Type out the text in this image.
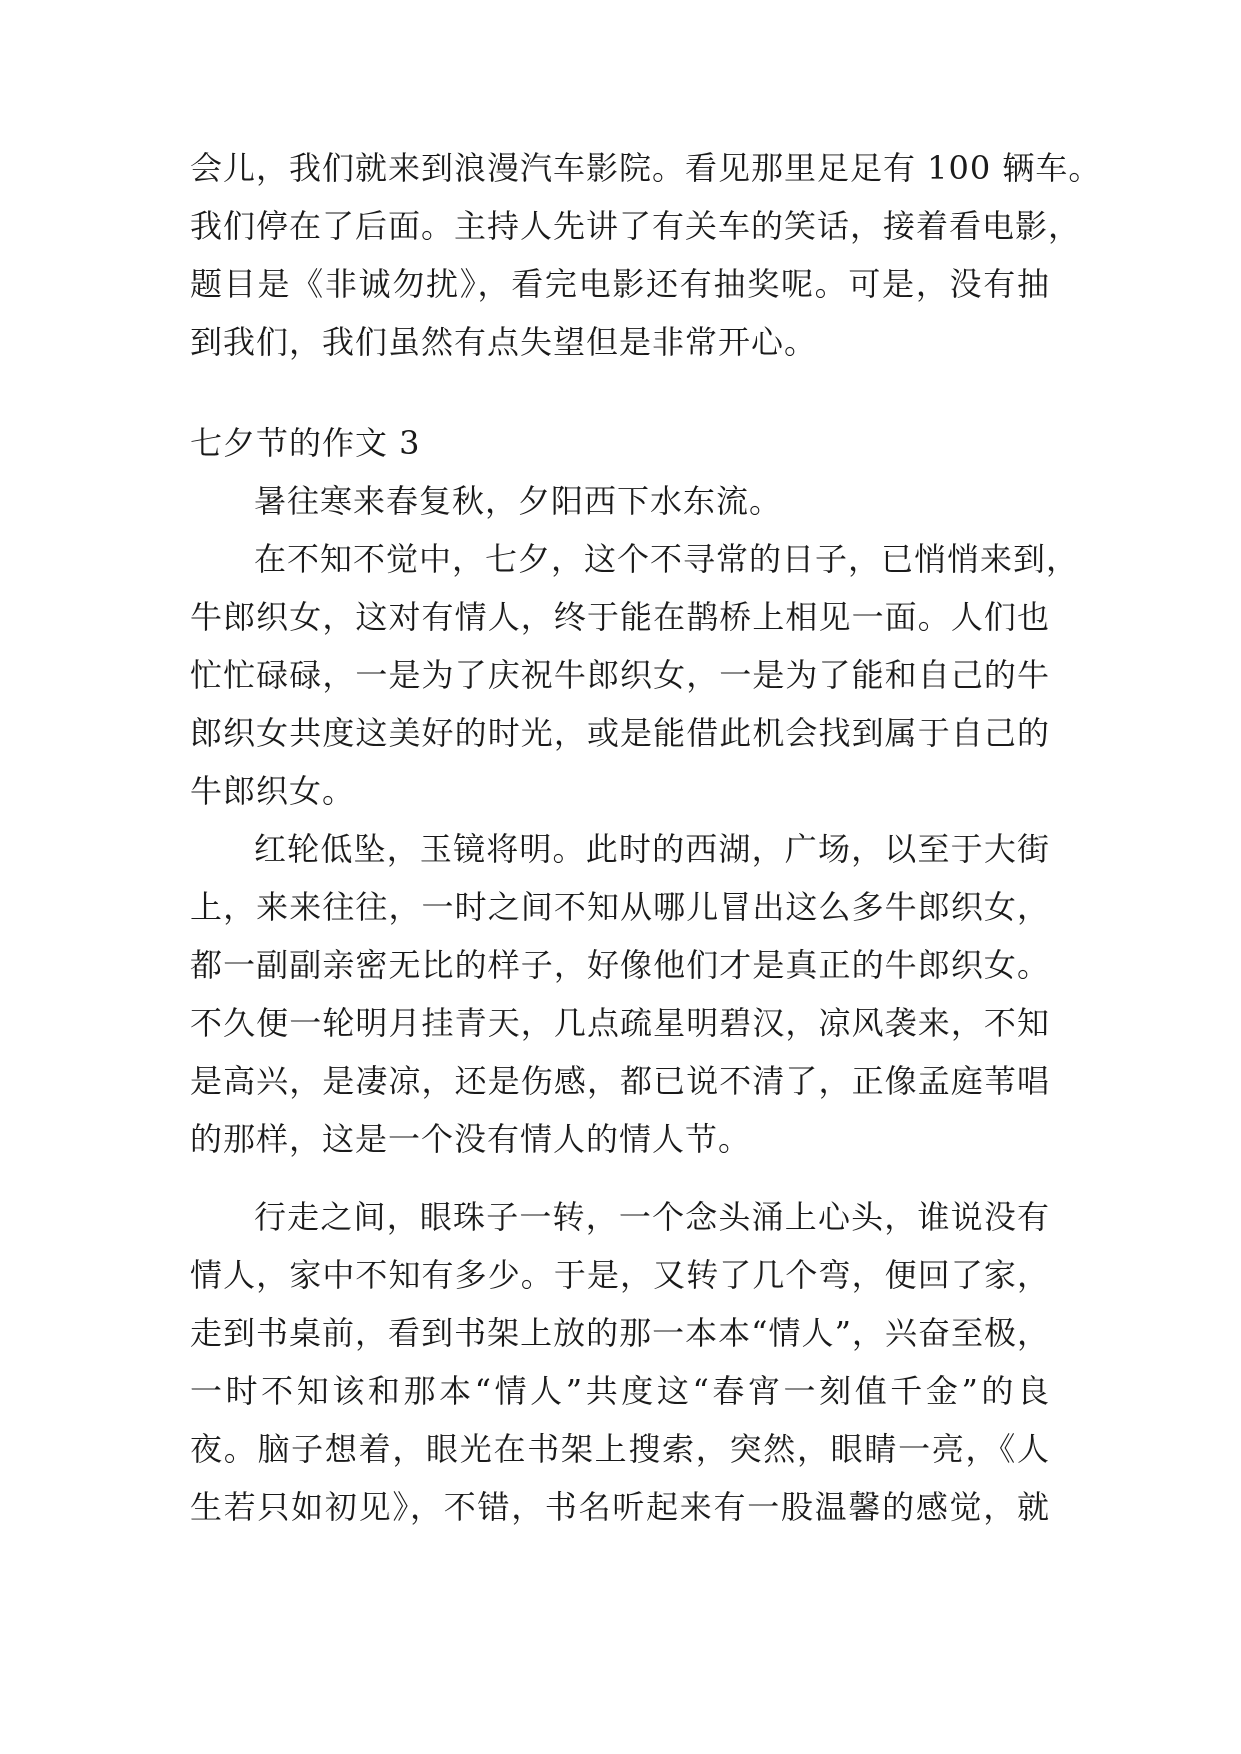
会儿，我们就来到浪漫汽车影院。看见那里足足有 100 辆车。
我们停在了后面。主持人先讲了有关车的笑话，接着看电影，
题目是《非诚勿扰》，看完电影还有抽奖呢。可是，没有抽
到我们，我们虽然有点失望但是非常开心。
七夕节的作文 3
暑往寒来春复秋，夕阳西下水东流。
在不知不觉中，七夕，这个不寻常的日子，已悄悄来到，
牛郎织女，这对有情人，终于能在鹊桥上相见一面。人们也
忙忙碌碌，一是为了庆祝牛郎织女，一是为了能和自己的牛
郎织女共度这美好的时光，或是能借此机会找到属于自己的
牛郎织女。
红轮低坠，玉镜将明。此时的西湖，广场，以至于大街
上，来来往往，一时之间不知从哪儿冒出这么多牛郎织女，
都一副副亲密无比的样子，好像他们才是真正的牛郎织女。
不久便一轮明月挂青天，几点疏星明碧汉，凉风袭来，不知
是高兴，是凄凉，还是伤感，都已说不清了，正像孟庭苇唱
的那样，这是一个没有情人的情人节。
行走之间，眼珠子一转，一个念头涌上心头，谁说没有
情人，家中不知有多少。于是，又转了几个弯，便回了家，
走到书桌前，看到书架上放的那一本本“情人”，兴奋至极，
一时不知该和那本“情人”共度这“春宵一刻值千金”的良
夜。脑子想着，眼光在书架上搜索，突然，眼睛一亮，《人
生若只如初见》，不错，书名听起来有一股温馨的感觉，就
